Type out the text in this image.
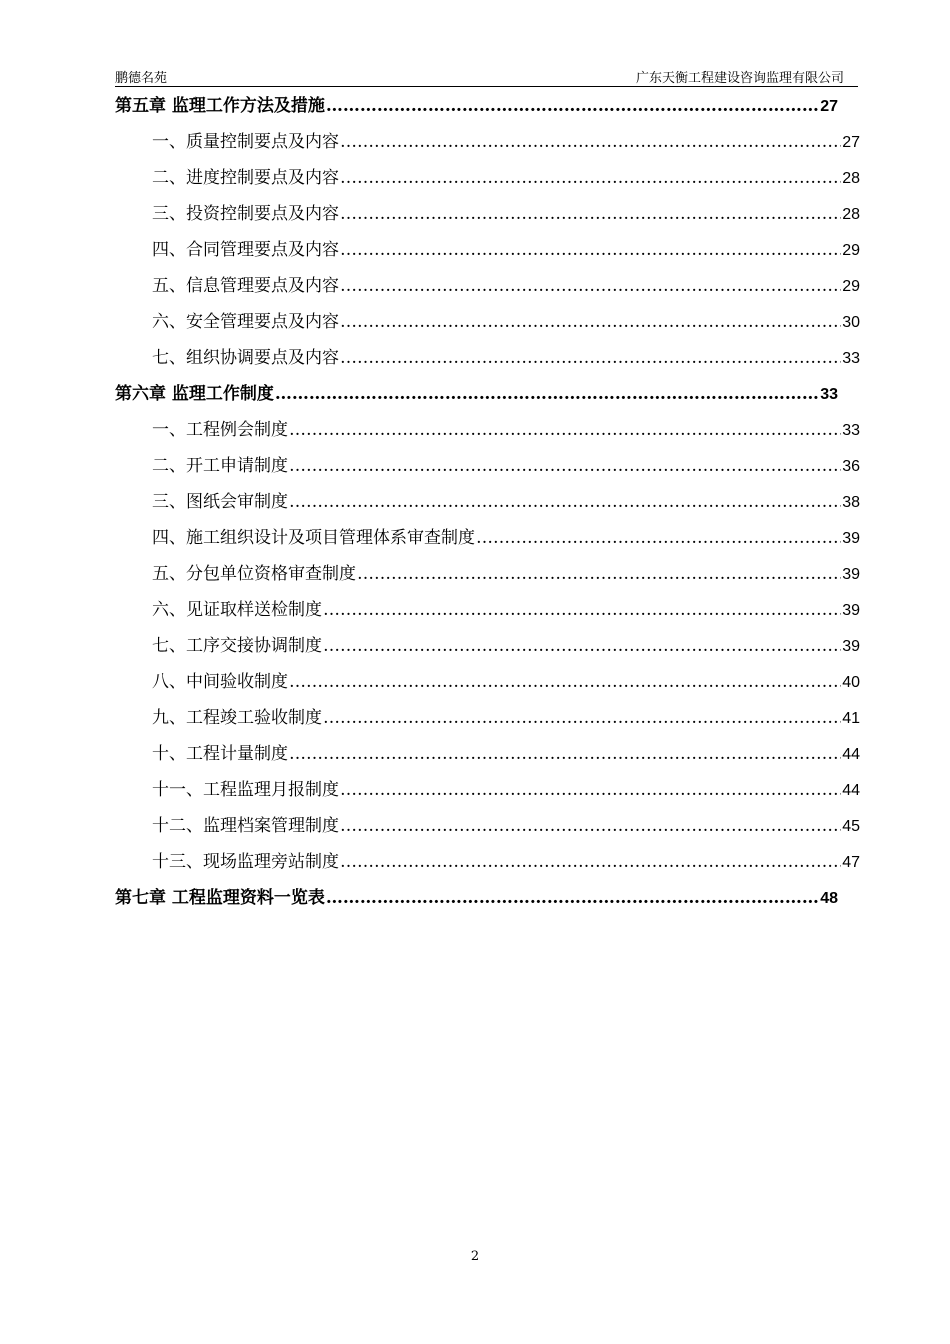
鹏德名苑	广东天衡工程建设咨询监理有限公司
第五章 监理工作方法及措施 …………………………………………………………………………………………………………………………………………………………………………………………………	27
一、质量控制要点及内容 ……………………………………………………………………………………………………………………………………………………………………………………………………………………………	27
二、进度控制要点及内容 ……………………………………………………………………………………………………………………………………………………………………………………………………………………………	28
三、投资控制要点及内容 ……………………………………………………………………………………………………………………………………………………………………………………………………………………………	28
四、合同管理要点及内容 ……………………………………………………………………………………………………………………………………………………………………………………………………………………………	29
五、信息管理要点及内容 ……………………………………………………………………………………………………………………………………………………………………………………………………………………………	29
六、安全管理要点及内容 ……………………………………………………………………………………………………………………………………………………………………………………………………………………………	30
七、组织协调要点及内容 ……………………………………………………………………………………………………………………………………………………………………………………………………………………………	33
第六章 监理工作制度 …………………………………………………………………………………………………………………………………………………………………………………………………	33
一、工程例会制度 ……………………………………………………………………………………………………………………………………………………………………………………………………………………………	33
二、开工申请制度 ……………………………………………………………………………………………………………………………………………………………………………………………………………………………	36
三、图纸会审制度 ……………………………………………………………………………………………………………………………………………………………………………………………………………………………	38
四、施工组织设计及项目管理体系审查制度 ……………………………………………………………………………………………………………………………………………………………………………………………………………………………	39
五、分包单位资格审查制度 ……………………………………………………………………………………………………………………………………………………………………………………………………………………………	39
六、见证取样送检制度 ……………………………………………………………………………………………………………………………………………………………………………………………………………………………	39
七、工序交接协调制度 ……………………………………………………………………………………………………………………………………………………………………………………………………………………………	39
八、中间验收制度 ……………………………………………………………………………………………………………………………………………………………………………………………………………………………	40
九、工程竣工验收制度 ……………………………………………………………………………………………………………………………………………………………………………………………………………………………	41
十、工程计量制度 ……………………………………………………………………………………………………………………………………………………………………………………………………………………………	44
十一、工程监理月报制度 ……………………………………………………………………………………………………………………………………………………………………………………………………………………………	44
十二、监理档案管理制度 ……………………………………………………………………………………………………………………………………………………………………………………………………………………………	45
十三、现场监理旁站制度 ……………………………………………………………………………………………………………………………………………………………………………………………………………………………	47
第七章 工程监理资料一览表 …………………………………………………………………………………………………………………………………………………………………………………………………	48
2
